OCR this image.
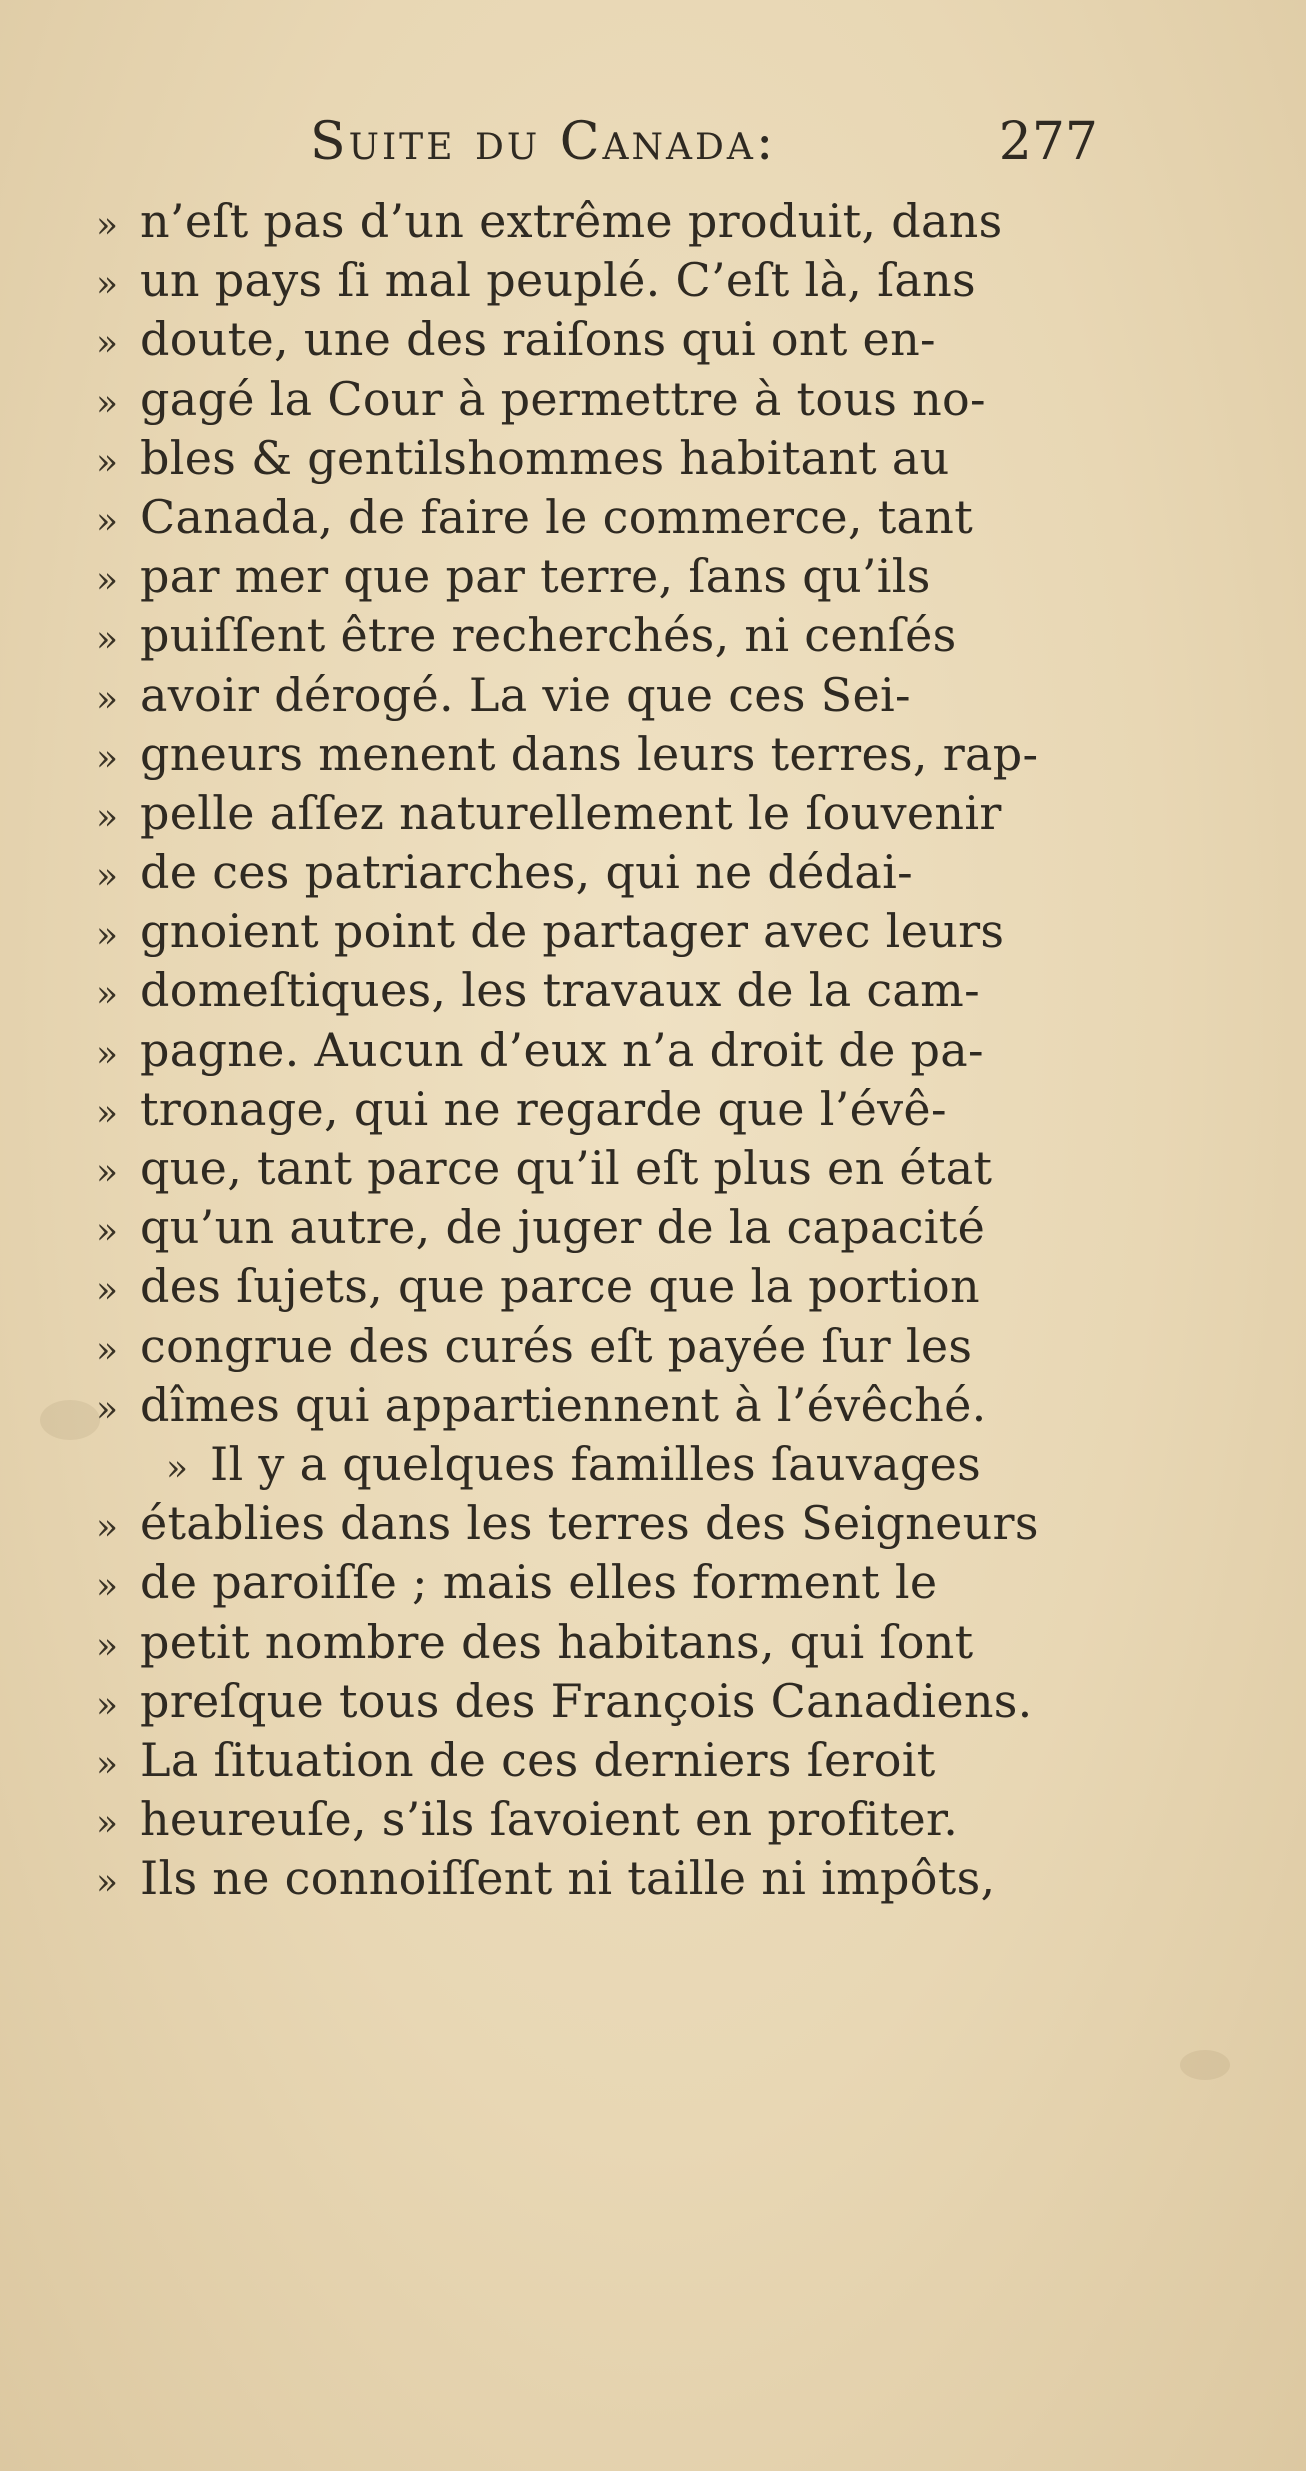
Suite du Canada:	277
» n’eſt pas d’un extrême produit, dans
» un pays ſi mal peuplé. C’eſt là, ſans
» doute, une des raiſons qui ont en-
» gagé la Cour à permettre à tous no-
» bles & gentilshommes habitant au
» Canada, de faire le commerce, tant
» par mer que par terre, ſans qu’ils
» puiſſent être recherchés, ni cenſés
» avoir dérogé. La vie que ces Sei-
» gneurs menent dans leurs terres, rap-
» pelle aſſez naturellement le ſouvenir
» de ces patriarches, qui ne dédai-
» gnoient point de partager avec leurs
» domeſtiques, les travaux de la cam-
» pagne. Aucun d’eux n’a droit de pa-
» tronage, qui ne regarde que l’évê-
» que, tant parce qu’il eſt plus en état
» qu’un autre, de juger de la capacité
» des ſujets, que parce que la portion
» congrue des curés eſt payée ſur les
» dîmes qui appartiennent à l’évêché.
» Il y a quelques familles ſauvages
» établies dans les terres des Seigneurs
» de paroiſſe ; mais elles forment le
» petit nombre des habitans, qui ſont
» preſque tous des François Canadiens.
» La ſituation de ces derniers ſeroit
» heureuſe, s’ils ſavoient en profiter.
» Ils ne connoiſſent ni taille ni impôts,
